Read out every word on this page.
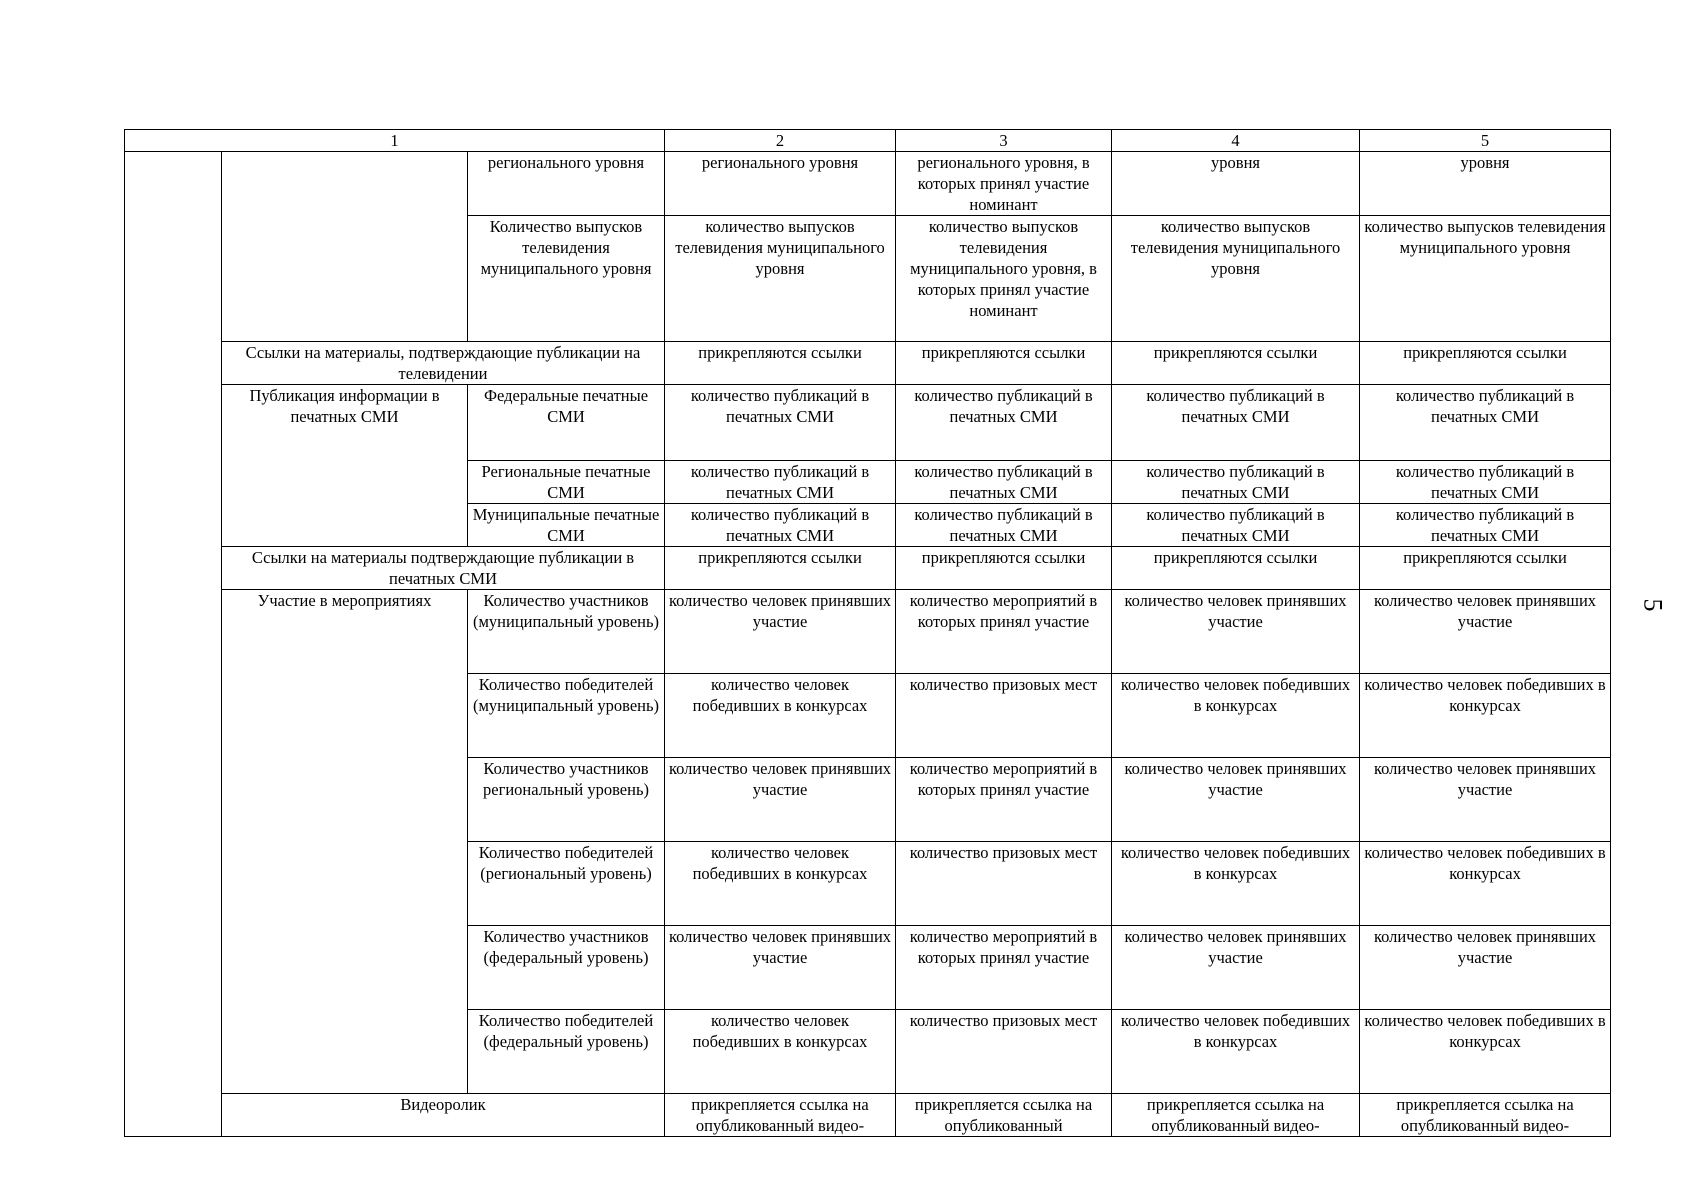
1			2	3	4	5
		регионального уровня	регионального уровня	регионального уровня, в которых принял участие номинант	уровня	уровня
		Количество выпусков телевидения муниципального уровня	количество выпусков телевидения муниципального уровня	количество выпусков телевидения муниципального уровня, в которых принял участие номинант	количество выпусков телевидения муниципального уровня	количество выпусков телевидения муниципального уровня
	Ссылки на материалы, подтверждающие публикации на телевидении		прикрепляются ссылки	прикрепляются ссылки	прикрепляются ссылки	прикрепляются ссылки
	Публикация информации в печатных СМИ	Федеральные печатные СМИ	количество публикаций в печатных СМИ	количество публикаций в печатных СМИ	количество публикаций в печатных СМИ	количество публикаций в печатных СМИ
		Региональные печатные СМИ	количество публикаций в печатных СМИ	количество публикаций в печатных СМИ	количество публикаций в печатных СМИ	количество публикаций в печатных СМИ
		Муниципальные печатные СМИ	количество публикаций в печатных СМИ	количество публикаций в печатных СМИ	количество публикаций в печатных СМИ	количество публикаций в печатных СМИ
	Ссылки на материалы подтверждающие публикации в печатных СМИ		прикрепляются ссылки	прикрепляются ссылки	прикрепляются ссылки	прикрепляются ссылки
	Участие в мероприятиях	Количество участников (муниципальный уровень)	количество человек принявших участие	количество мероприятий в которых принял участие	количество человек принявших участие	количество человек принявших участие
		Количество победителей (муниципальный уровень)	количество человек победивших в конкурсах	количество призовых мест	количество человек победивших в конкурсах	количество человек победивших в конкурсах
		Количество участников региональный уровень)	количество человек принявших участие	количество мероприятий в которых принял участие	количество человек принявших участие	количество человек принявших участие
		Количество победителей (региональный уровень)	количество человек победивших в конкурсах	количество призовых мест	количество человек победивших в конкурсах	количество человек победивших в конкурсах
		Количество участников (федеральный уровень)	количество человек принявших участие	количество мероприятий в которых принял участие	количество человек принявших участие	количество человек принявших участие
		Количество победителей (федеральный уровень)	количество человек победивших в конкурсах	количество призовых мест	количество человек победивших в конкурсах	количество человек победивших в конкурсах
	Видеоролик		прикрепляется ссылка на опубликованный видео-	прикрепляется ссылка на опубликованный	прикрепляется ссылка на опубликованный видео-	прикрепляется ссылка на опубликованный видео-
5
